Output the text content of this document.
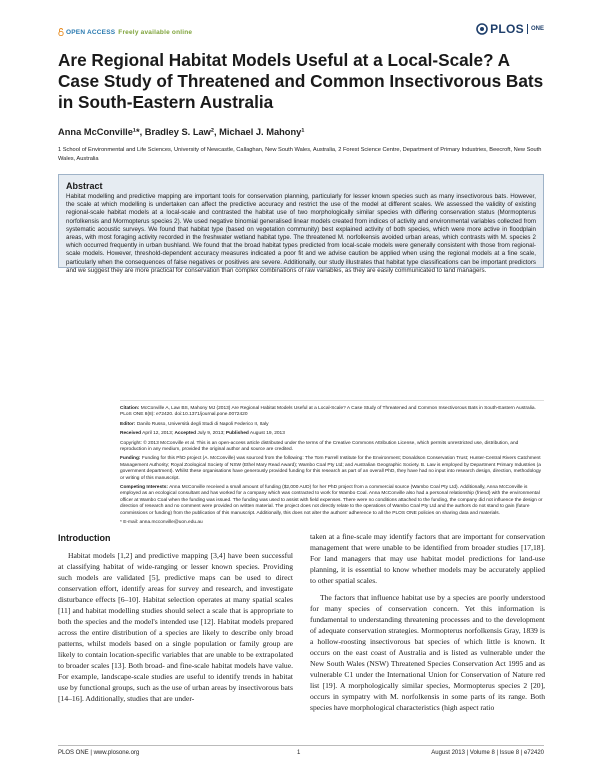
OPEN ACCESS Freely available online	PLOS ONE
Are Regional Habitat Models Useful at a Local-Scale? A Case Study of Threatened and Common Insectivorous Bats in South-Eastern Australia
Anna McConville¹*, Bradley S. Law², Michael J. Mahony¹
1 School of Environmental and Life Sciences, University of Newcastle, Callaghan, New South Wales, Australia, 2 Forest Science Centre, Department of Primary Industries, Beecroft, New South Wales, Australia
Abstract

Habitat modelling and predictive mapping are important tools for conservation planning, particularly for lesser known species such as many insectivorous bats. However, the scale at which modelling is undertaken can affect the predictive accuracy and restrict the use of the model at different scales. We assessed the validity of existing regional-scale habitat models at a local-scale and contrasted the habitat use of two morphologically similar species with differing conservation status (Mormopterus norfolkensis and Mormopterus species 2). We used negative binomial generalised linear models created from indices of activity and environmental variables collected from systematic acoustic surveys. We found that habitat type (based on vegetation community) best explained activity of both species, which were more active in floodplain areas, with most foraging activity recorded in the freshwater wetland habitat type. The threatened M. norfolkensis avoided urban areas, which contrasts with M. species 2 which occurred frequently in urban bushland. We found that the broad habitat types predicted from local-scale models were generally consistent with those from regional-scale models. However, threshold-dependent accuracy measures indicated a poor fit and we advise caution be applied when using the regional models at a fine scale, particularly when the consequences of false negatives or positives are severe. Additionally, our study illustrates that habitat type classifications can be important predictors and we suggest they are more practical for conservation than complex combinations of raw variables, as they are easily communicated to land managers.

Citation: McConville A, Law BS, Mahony MJ (2013) Are Regional Habitat Models Useful at a Local-Scale? A Case Study of Threatened and Common Insectivorous Bats in South-Eastern Australia. PLoS ONE 8(8): e72420. doi:10.1371/journal.pone.0072420

Editor: Danilo Russo, Università degli Studi di Napoli Federico II, Italy

Received April 12, 2013; Accepted July 9, 2013; Published August 19, 2013

Copyright: © 2013 McConville et al. This is an open-access article distributed under the terms of the Creative Commons Attribution License, which permits unrestricted use, distribution, and reproduction in any medium, provided the original author and source are credited.

Funding: Funding for this PhD project (A. McConville) was sourced from the following: The Tom Farrell Institute for the Environment; Donaldson Conservation Trust; Hunter-Central Rivers Catchment Management Authority; Royal Zoological Society of NSW (Ethel Mary Read Award); Wambo Coal Pty Ltd; and Australian Geographic Society. B. Law is employed by Department Primary Industries (a government department). Whilst these organisations have generously provided funding for this research as part of an overall PhD, they have had no input into research design, direction, methodology or writing of this manuscript.

Competing Interests: Anna McConville received a small amount of funding ($2,000 AUD) for her PhD project from a commercial source (Wambo Coal Pty Ltd). Additionally, Anna McConville is employed as an ecological consultant and has worked for a company which was contracted to work for Wambo Coal. Anna McConville also had a personal relationship (friend) with the environmental officer at Wambo Coal when the funding was issued. The funding was used to assist with field expenses. There were no conditions attached to the funding, the company did not influence the design or direction of research and no comment were provided on written material. The project does not directly relate to the operations of Wambo Coal Pty Ltd and the authors do not stand to gain (future commissions or funding) from the publication of this manuscript. Additionally, this does not alter the authors' adherence to all the PLOS ONE policies on sharing data and materials.

* E-mail: anna.mcconville@uon.edu.au

Introduction

Habitat models [1,2] and predictive mapping [3,4] have been successful at classifying habitat of wide-ranging or lesser known species. Providing such models are validated [5], predictive maps can be used to direct conservation effort, identify areas for survey and research, and investigate disturbance effects [6–10]. Habitat selection operates at many spatial scales [11] and habitat modelling studies should select a scale that is appropriate to both the species and the model's intended use [12]. Habitat models prepared across the entire distribution of a species are likely to describe only broad patterns, whilst models based on a single population or family group are likely to contain location-specific variables that are unable to be extrapolated to broader scales [13]. Both broad- and fine-scale habitat models have value. For example, landscape-scale studies are useful to identify trends in habitat use by functional groups, such as the use of urban areas by insectivorous bats [14–16]. Additionally, studies that are under-

taken at a fine-scale may identify factors that are important for conservation management that were unable to be identified from broader studies [17,18]. For land managers that may use habitat model predictions for land-use planning, it is essential to know whether models may be accurately applied to other spatial scales.

The factors that influence habitat use by a species are poorly understood for many species of conservation concern. Yet this information is fundamental to understanding threatening processes and to the development of adequate conservation strategies. Mormopterus norfolkensis Gray, 1839 is a hollow-roosting insectivorous bat species of which little is known. It occurs on the east coast of Australia and is listed as vulnerable under the New South Wales (NSW) Threatened Species Conservation Act 1995 and as vulnerable C1 under the International Union for Conservation of Nature red list [19]. A morphologically similar species, Mormopterus species 2 [20], occurs in sympatry with M. norfolkensis in some parts of its range. Both species have morphological characteristics (high aspect ratio

PLOS ONE | www.plosone.org	1	August 2013 | Volume 8 | Issue 8 | e72420
